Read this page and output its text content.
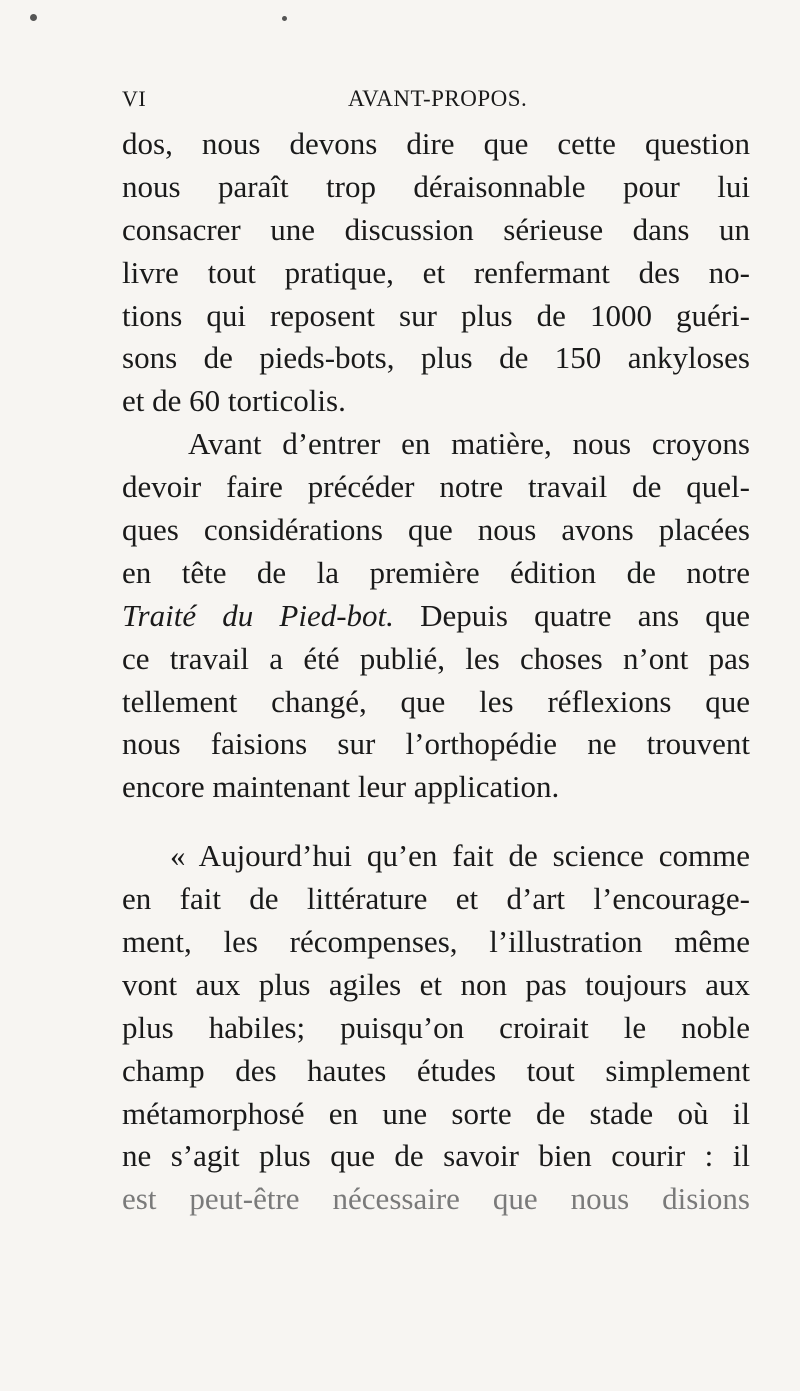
VI	AVANT-PROPOS.
dos, nous devons dire que cette question
nous paraît trop déraisonnable pour lui
consacrer une discussion sérieuse dans un
livre tout pratique, et renfermant des no-
tions qui reposent sur plus de 1000 guéri-
sons de pieds-bots, plus de 150 ankyloses
et de 60 torticolis.
Avant d’entrer en matière, nous croyons
devoir faire précéder notre travail de quel-
ques considérations que nous avons placées
en tête de la première édition de notre
Traité du Pied-bot. Depuis quatre ans que
ce travail a été publié, les choses n’ont pas
tellement changé, que les réflexions que
nous faisions sur l’orthopédie ne trouvent
encore maintenant leur application.
« Aujourd’hui qu’en fait de science comme
en fait de littérature et d’art l’encourage-
ment, les récompenses, l’illustration même
vont aux plus agiles et non pas toujours aux
plus habiles; puisqu’on croirait le noble
champ des hautes études tout simplement
métamorphosé en une sorte de stade où il
ne s’agit plus que de savoir bien courir : il
est peut-être nécessaire que nous disions
